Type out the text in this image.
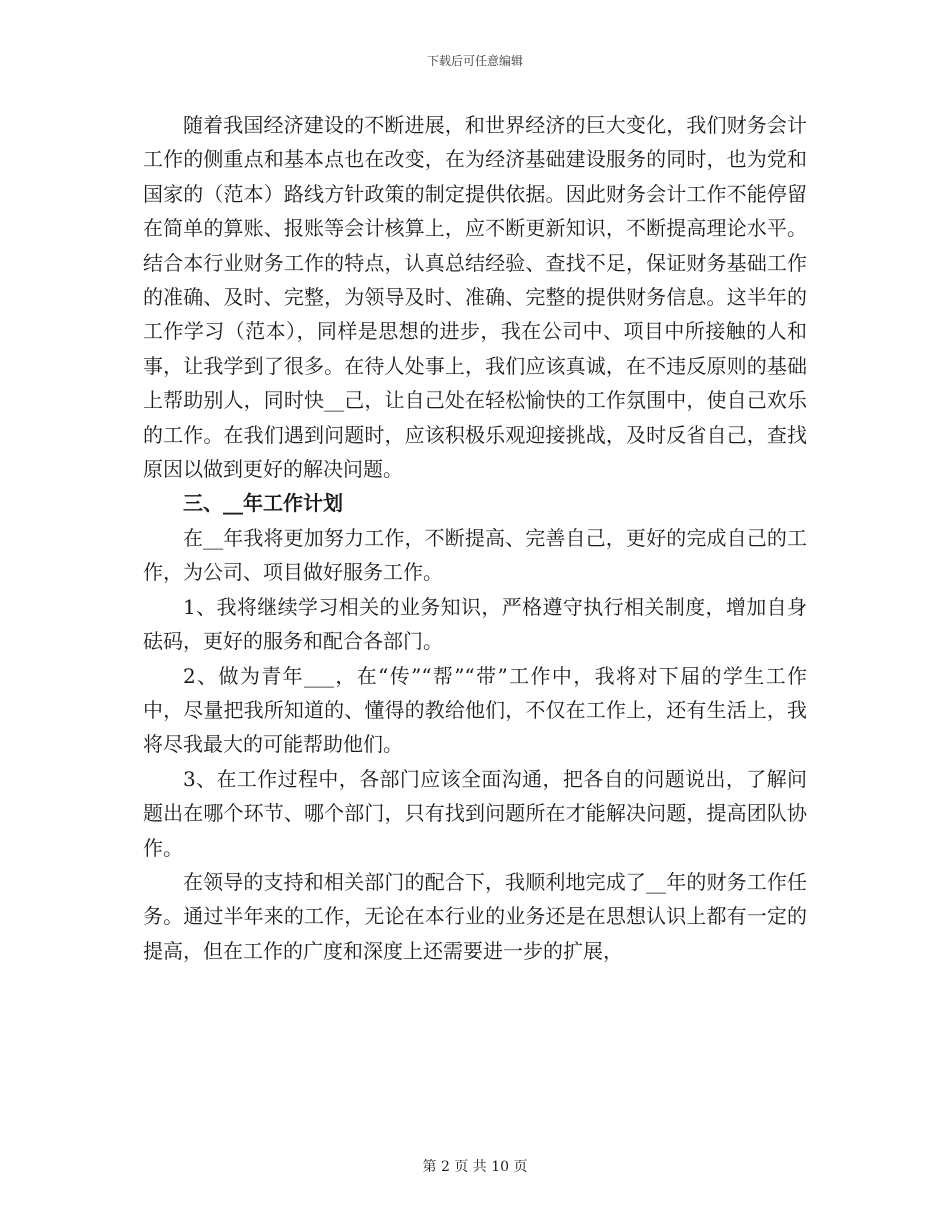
下载后可任意编辑

随着我国经济建设的不断进展，和世界经济的巨大变化，我们财务会计工作的侧重点和基本点也在改变，在为经济基础建设服务的同时，也为党和国家的（范本）路线方针政策的制定提供依据。因此财务会计工作不能停留在简单的算账、报账等会计核算上，应不断更新知识，不断提高理论水平。结合本行业财务工作的特点，认真总结经验、查找不足，保证财务基础工作的准确、及时、完整，为领导及时、准确、完整的提供财务信息。这半年的工作学习（范本），同样是思想的进步，我在公司中、项目中所接触的人和事，让我学到了很多。在待人处事上，我们应该真诚，在不违反原则的基础上帮助别人，同时快__己，让自己处在轻松愉快的工作氛围中，使自己欢乐的工作。在我们遇到问题时，应该积极乐观迎接挑战，及时反省自己，查找原因以做到更好的解决问题。

三、__年工作计划

在__年我将更加努力工作，不断提高、完善自己，更好的完成自己的工作，为公司、项目做好服务工作。

1、我将继续学习相关的业务知识，严格遵守执行相关制度，增加自身砝码，更好的服务和配合各部门。

2、做为青年___，在“传”“帮”“带”工作中，我将对下届的学生工作中，尽量把我所知道的、懂得的教给他们，不仅在工作上，还有生活上，我将尽我最大的可能帮助他们。

3、在工作过程中，各部门应该全面沟通，把各自的问题说出，了解问题出在哪个环节、哪个部门，只有找到问题所在才能解决问题，提高团队协作。

在领导的支持和相关部门的配合下，我顺利地完成了__年的财务工作任务。通过半年来的工作，无论在本行业的业务还是在思想认识上都有一定的提高，但在工作的广度和深度上还需要进一步的扩展，

第 2 页 共 10 页
